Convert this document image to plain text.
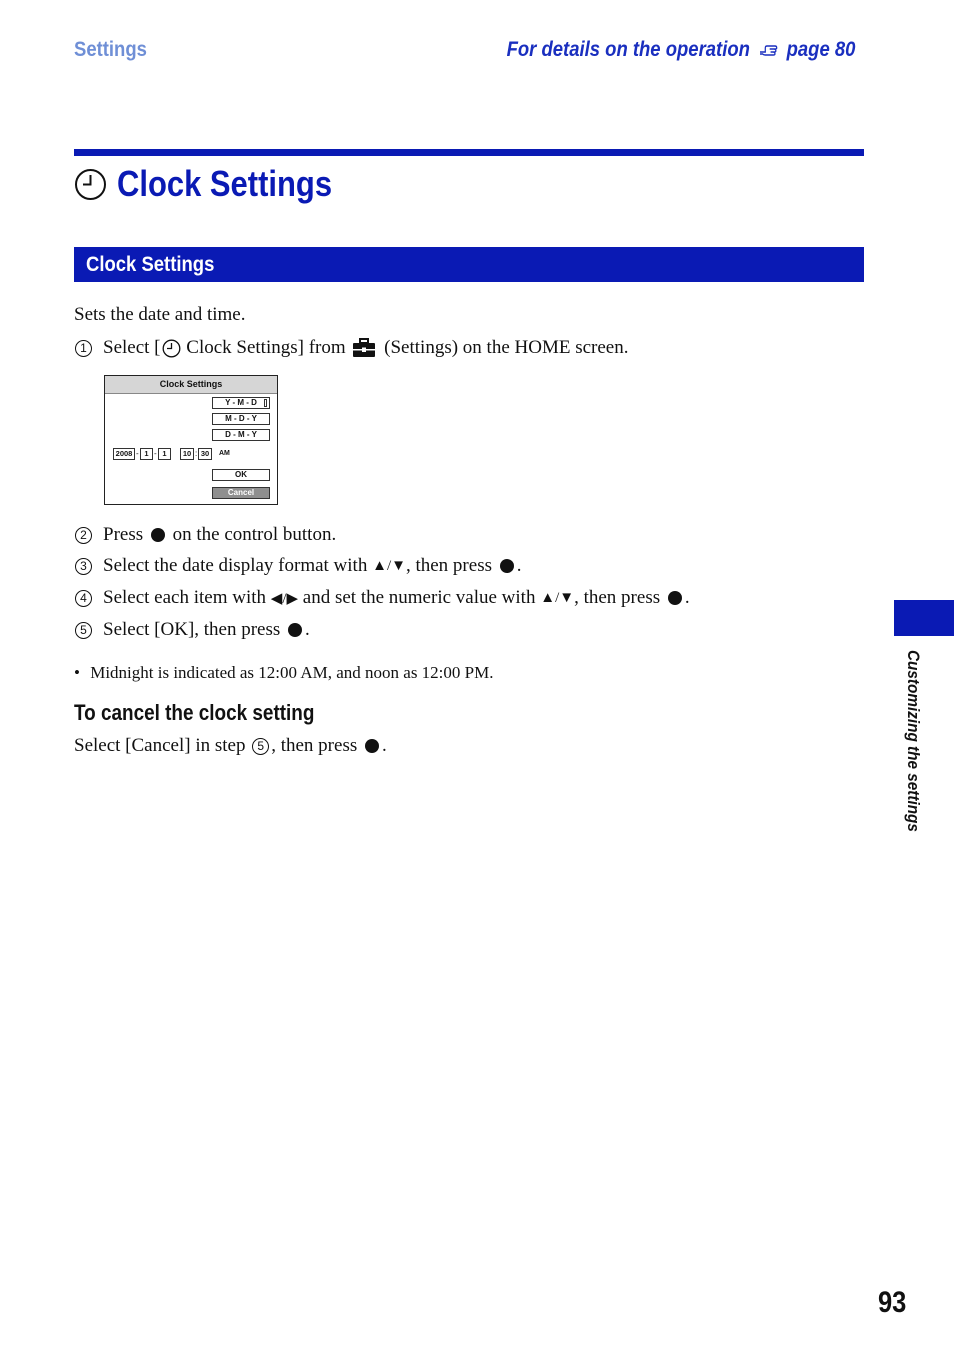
Settings	For details on the operation page 80
Clock Settings
Clock Settings
Sets the date and time.
1 Select [ Clock Settings] from (Settings) on the HOME screen.
Clock Settings
Y - M - D
M - D - Y
D - M - Y
2008 - 1 - 1	10 : 30	AM
OK
Cancel
2 Press on the control button.
3 Select the date display format with ▲/▼ , then press .
4 Select each item with ◀/▶ and set the numeric value with ▲/▼ , then press .
5 Select [OK], then press .
• Midnight is indicated as 12:00 AM, and noon as 12:00 PM.
To cancel the clock setting
Select [Cancel] in step 5 , then press .	Customizing the settings
93
